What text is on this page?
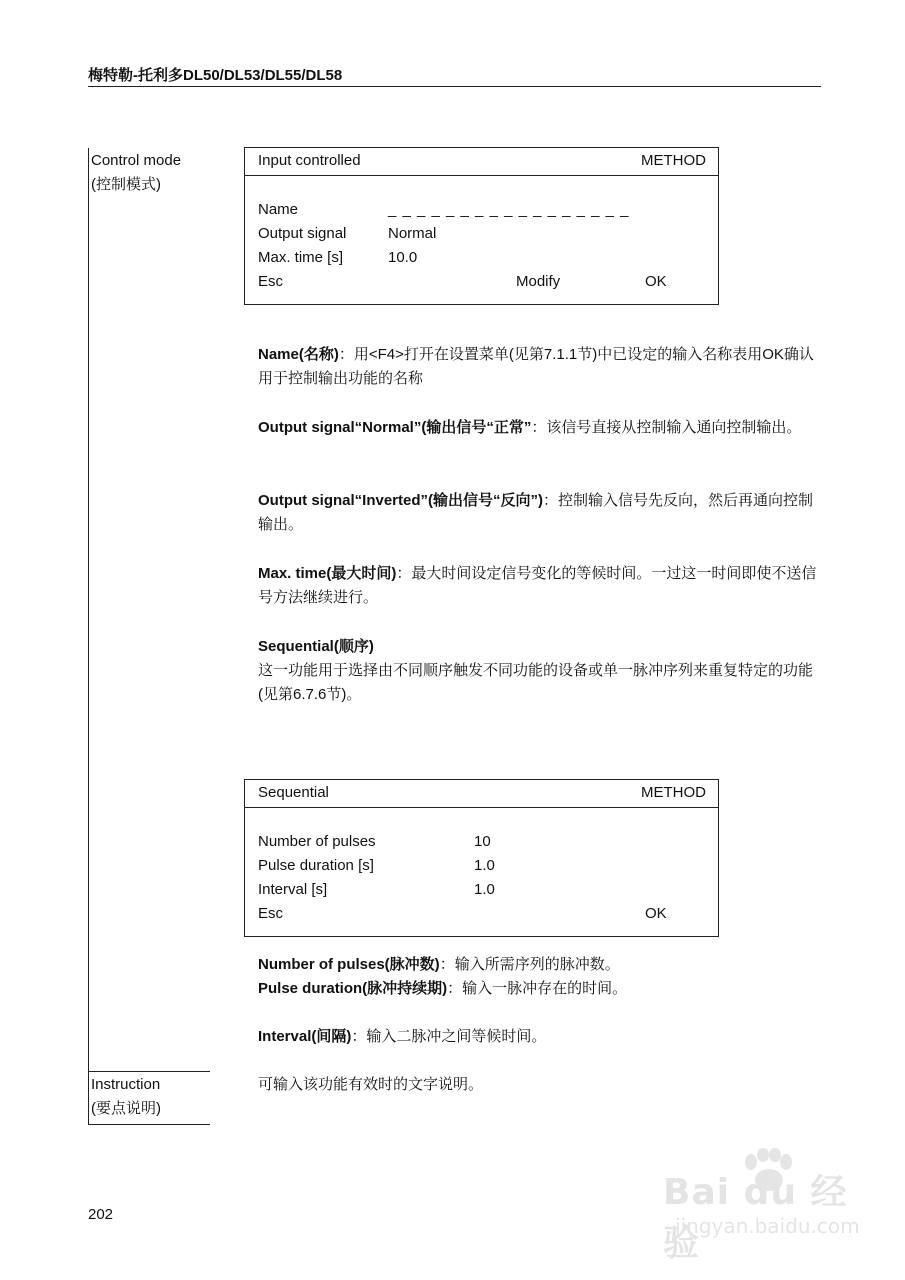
梅特勒-托利多DL50/DL53/DL55/DL58
Control mode
(控制模式)
Input controlled	METHOD
Name	_ _ _ _ _ _ _ _ _ _ _ _ _ _ _ _ _
Output signal	Normal
Max. time [s]	10.0
Esc	Modify	OK
Name(名称)：用<F4>打开在设置菜单(见第7.1.1节)中已设定的输入名称表用OK确认用于控制输出功能的名称
Output signal“Normal”(输出信号“正常”：该信号直接从控制输入通向控制输出。
Output signal“Inverted”(输出信号“反向”)：控制输入信号先反向，然后再通向控制输出。
Max. time(最大时间)：最大时间设定信号变化的等候时间。一过这一时间即使不送信号方法继续进行。
Sequential(顺序)
这一功能用于选择由不同顺序触发不同功能的设备或单一脉冲序列来重复特定的功能(见第6.7.6节)。
Sequential	METHOD
Number of pulses	10
Pulse duration [s]	1.0
Interval [s]	1.0
Esc	OK
Number of pulses(脉冲数)：输入所需序列的脉冲数。
Pulse duration(脉冲持续期)：输入一脉冲存在的时间。
Interval(间隔)：输入二脉冲之间等候时间。
Instruction
(要点说明)
可输入该功能有效时的文字说明。
202
Bai du 经验
jingyan.baidu.com
